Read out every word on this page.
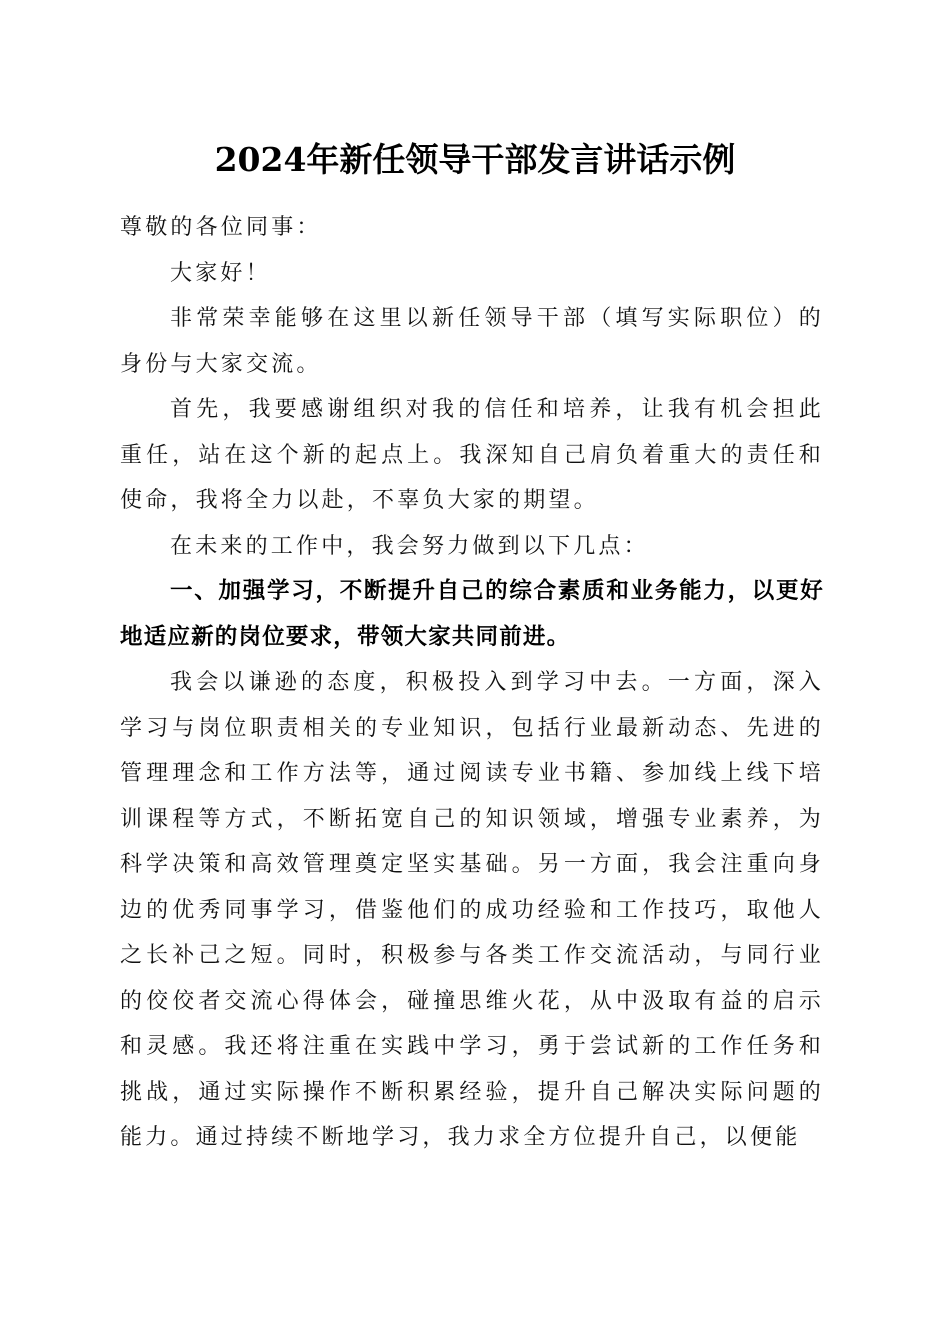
2024年新任领导干部发言讲话示例

尊敬的各位同事：

大家好！

非常荣幸能够在这里以新任领导干部（填写实际职位）的身份与大家交流。

首先，我要感谢组织对我的信任和培养，让我有机会担此重任，站在这个新的起点上。我深知自己肩负着重大的责任和使命，我将全力以赴，不辜负大家的期望。

在未来的工作中，我会努力做到以下几点：

一、加强学习，不断提升自己的综合素质和业务能力，以更好地适应新的岗位要求，带领大家共同前进。

我会以谦逊的态度，积极投入到学习中去。一方面，深入学习与岗位职责相关的专业知识，包括行业最新动态、先进的管理理念和工作方法等，通过阅读专业书籍、参加线上线下培训课程等方式，不断拓宽自己的知识领域，增强专业素养，为科学决策和高效管理奠定坚实基础。另一方面，我会注重向身边的优秀同事学习，借鉴他们的成功经验和工作技巧，取他人之长补己之短。同时，积极参与各类工作交流活动，与同行业的佼佼者交流心得体会，碰撞思维火花，从中汲取有益的启示和灵感。我还将注重在实践中学习，勇于尝试新的工作任务和挑战，通过实际操作不断积累经验，提升自己解决实际问题的能力。通过持续不断地学习，我力求全方位提升自己，以便能
